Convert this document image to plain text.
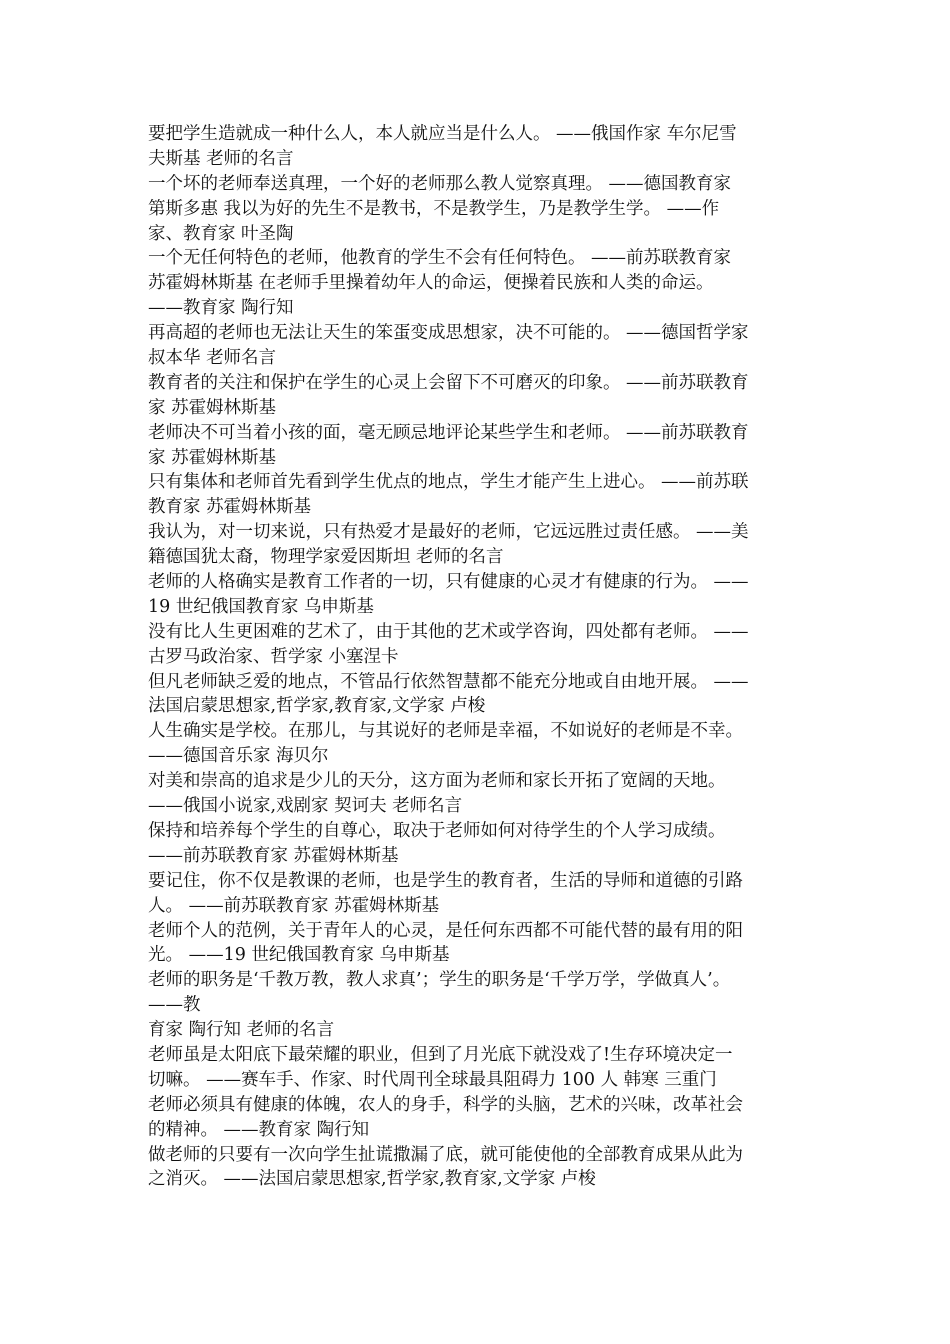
要把学生造就成一种什么人，本人就应当是什么人。 ——俄国作家 车尔尼雪
夫斯基 老师的名言
一个坏的老师奉送真理，一个好的老师那么教人觉察真理。 ——德国教育家
第斯多惠 我以为好的先生不是教书，不是教学生，乃是教学生学。 ——作
家、教育家 叶圣陶
一个无任何特色的老师，他教育的学生不会有任何特色。 ——前苏联教育家
苏霍姆林斯基 在老师手里操着幼年人的命运，便操着民族和人类的命运。
——教育家 陶行知
再高超的老师也无法让天生的笨蛋变成思想家，决不可能的。 ——德国哲学家
叔本华 老师名言
教育者的关注和保护在学生的心灵上会留下不可磨灭的印象。 ——前苏联教育
家 苏霍姆林斯基
老师决不可当着小孩的面，毫无顾忌地评论某些学生和老师。 ——前苏联教育
家 苏霍姆林斯基
只有集体和老师首先看到学生优点的地点，学生才能产生上进心。 ——前苏联
教育家 苏霍姆林斯基
我认为，对一切来说，只有热爱才是最好的老师，它远远胜过责任感。 ——美
籍德国犹太裔，物理学家爱因斯坦 老师的名言
老师的人格确实是教育工作者的一切，只有健康的心灵才有健康的行为。 ——
19 世纪俄国教育家 乌申斯基
没有比人生更困难的艺术了，由于其他的艺术或学咨询，四处都有老师。 ——
古罗马政治家、哲学家 小塞涅卡
但凡老师缺乏爱的地点，不管品行依然智慧都不能充分地或自由地开展。 ——
法国启蒙思想家,哲学家,教育家,文学家 卢梭
人生确实是学校。在那儿，与其说好的老师是幸福，不如说好的老师是不幸。
——德国音乐家 海贝尔
对美和崇高的追求是少儿的天分，这方面为老师和家长开拓了宽阔的天地。
——俄国小说家,戏剧家 契诃夫 老师名言
保持和培养每个学生的自尊心，取决于老师如何对待学生的个人学习成绩。
——前苏联教育家 苏霍姆林斯基
要记住，你不仅是教课的老师，也是学生的教育者，生活的导师和道德的引路
人。 ——前苏联教育家 苏霍姆林斯基
老师个人的范例，关于青年人的心灵，是任何东西都不可能代替的最有用的阳
光。 ——19 世纪俄国教育家 乌申斯基
老师的职务是‘千教万教，教人求真’；学生的职务是‘千学万学，学做真人’。
——教
育家 陶行知 老师的名言
老师虽是太阳底下最荣耀的职业，但到了月光底下就没戏了!生存环境决定一
切嘛。 ——赛车手、作家、时代周刊全球最具阻碍力 100 人 韩寒 三重门
老师必须具有健康的体魄，农人的身手，科学的头脑，艺术的兴味，改革社会
的精神。 ——教育家 陶行知
做老师的只要有一次向学生扯谎撒漏了底，就可能使他的全部教育成果从此为
之消灭。 ——法国启蒙思想家,哲学家,教育家,文学家 卢梭
